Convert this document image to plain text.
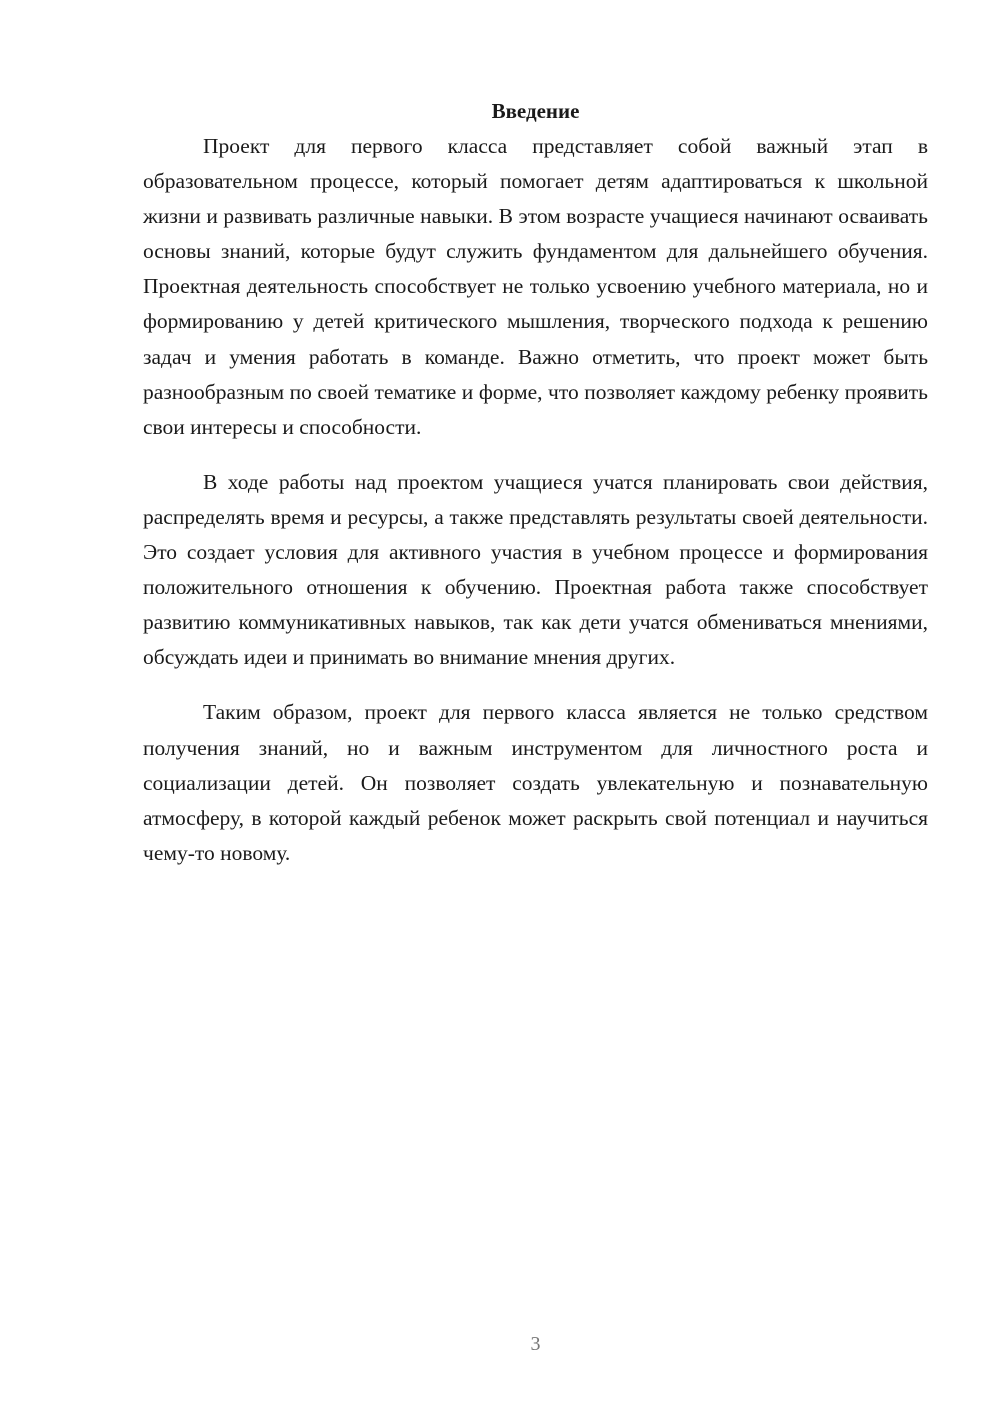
Введение

Проект для первого класса представляет собой важный этап в образовательном процессе, который помогает детям адаптироваться к школьной жизни и развивать различные навыки. В этом возрасте учащиеся начинают осваивать основы знаний, которые будут служить фундаментом для дальнейшего обучения. Проектная деятельность способствует не только усвоению учебного материала, но и формированию у детей критического мышления, творческого подхода к решению задач и умения работать в команде. Важно отметить, что проект может быть разнообразным по своей тематике и форме, что позволяет каждому ребенку проявить свои интересы и способности.

В ходе работы над проектом учащиеся учатся планировать свои действия, распределять время и ресурсы, а также представлять результаты своей деятельности. Это создает условия для активного участия в учебном процессе и формирования положительного отношения к обучению. Проектная работа также способствует развитию коммуникативных навыков, так как дети учатся обмениваться мнениями, обсуждать идеи и принимать во внимание мнения других.

Таким образом, проект для первого класса является не только средством получения знаний, но и важным инструментом для личностного роста и социализации детей. Он позволяет создать увлекательную и познавательную атмосферу, в которой каждый ребенок может раскрыть свой потенциал и научиться чему-то новому.

3
